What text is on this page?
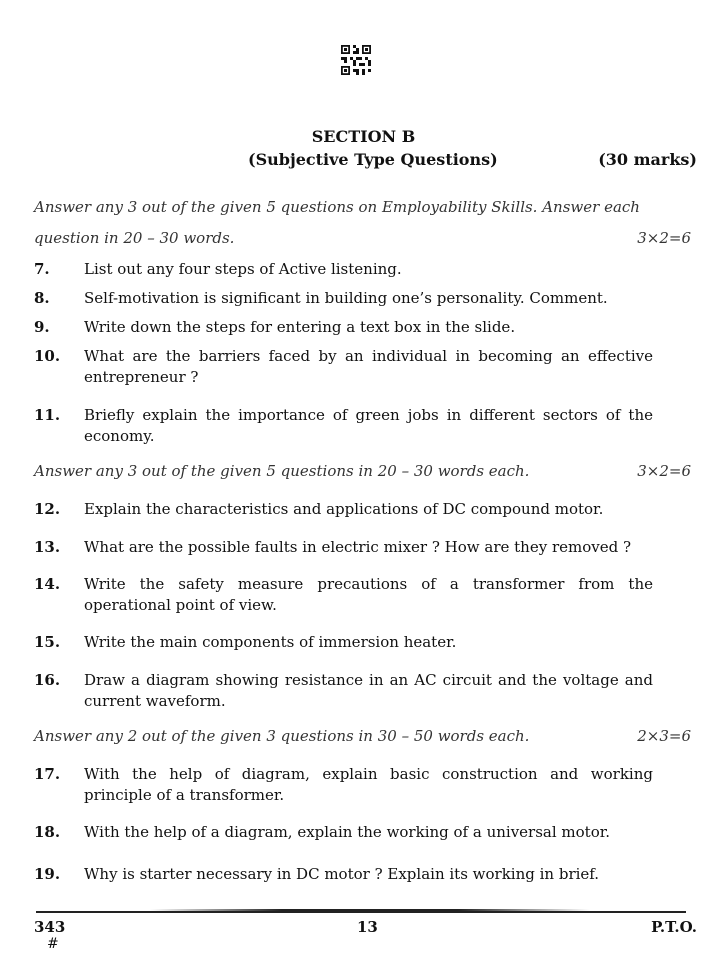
SECTION B
(Subjective Type Questions)	(30 marks)
Answer any 3 out of the given 5 questions on Employability Skills. Answer each
question in 20 – 30 words.	3×2=6
7. List out any four steps of Active listening.
8. Self-motivation is significant in building one’s personality. Comment.
9. Write down the steps for entering a text box in the slide.
10. What are the barriers faced by an individual in becoming an effective entrepreneur ?
11. Briefly explain the importance of green jobs in different sectors of the economy.
Answer any 3 out of the given 5 questions in 20 – 30 words each.	3×2=6
12. Explain the characteristics and applications of DC compound motor.
13. What are the possible faults in electric mixer ? How are they removed ?
14. Write the safety measure precautions of a transformer from the operational point of view.
15. Write the main components of immersion heater.
16. Draw a diagram showing resistance in an AC circuit and the voltage and current waveform.
Answer any 2 out of the given 3 questions in 30 – 50 words each.	2×3=6
17. With the help of diagram, explain basic construction and working principle of a transformer.
18. With the help of a diagram, explain the working of a universal motor.
19. Why is starter necessary in DC motor ? Explain its working in brief.
343	13	P.T.O.
#
